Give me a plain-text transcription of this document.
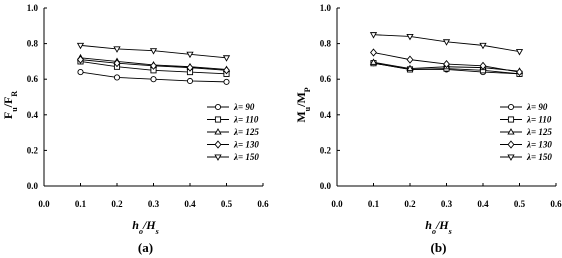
0.0	0.1	0.2	0.3	0.4	0.5	0.6
0.0
0.2
0.4
0.6
0.8
1.0
$h_o/H_s$
$F_u/F_R$
(a)
λ= 90
λ= 110
λ= 125
λ= 130
λ= 150
0.0	0.1	0.2	0.3	0.4	0.5	0.6
0.0
0.2
0.4
0.6
0.8
1.0
$h_o/H_s$
$M_u/M_P$
(b)
λ= 90
λ= 110
λ= 125
λ= 130
λ= 150
